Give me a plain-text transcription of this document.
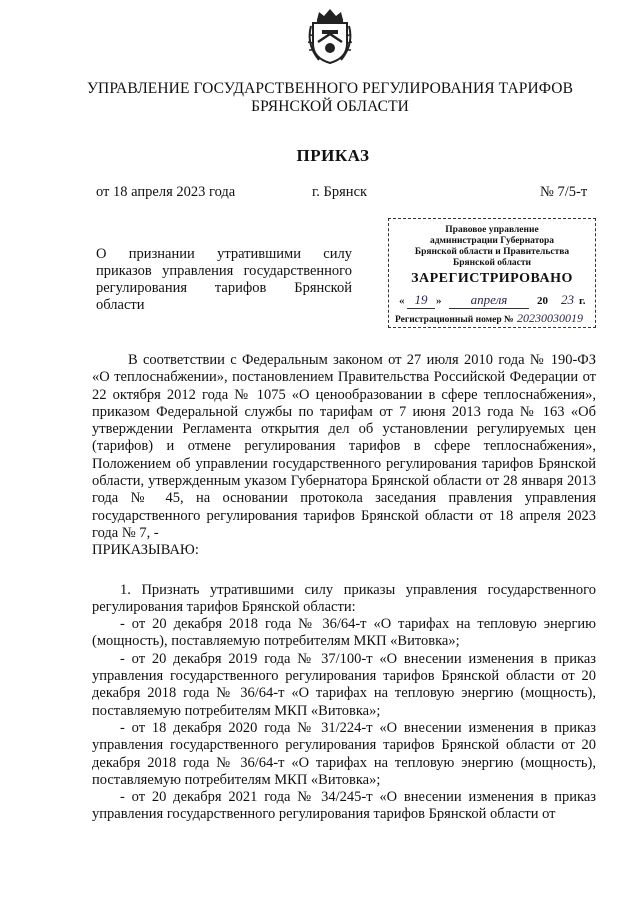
УПРАВЛЕНИЕ ГОСУДАРСТВЕННОГО РЕГУЛИРОВАНИЯ ТАРИФОВ
БРЯНСКОЙ ОБЛАСТИ
ПРИКАЗ
от 18 апреля 2023 года	г. Брянск	№ 7/5-т
Правовое управление
администрации Губернатора
Брянской области и Правительства
Брянской области
ЗАРЕГИСТРИРОВАНО
« 19 »	апреля	20 23 г.
Регистрационный номер № 20230030019
О признании утратившими силу приказов управления государственного регулирования тарифов Брянской области

В соответствии с Федеральным законом от 27 июля 2010 года № 190-ФЗ «О теплоснабжении», постановлением Правительства Российской Федерации от 22 октября 2012 года № 1075 «О ценообразовании в сфере теплоснабжения», приказом Федеральной службы по тарифам от 7 июня 2013 года № 163 «Об утверждении Регламента открытия дел об установлении регулируемых цен (тарифов) и отмене регулирования тарифов в сфере теплоснабжения», Положением об управлении государственного регулирования тарифов Брянской области, утвержденным указом Губернатора Брянской области от 28 января 2013 года № 45, на основании протокола заседания правления управления государственного регулирования тарифов Брянской области от 18 апреля 2023 года № 7, -

ПРИКАЗЫВАЮ:

1. Признать утратившими силу приказы управления государственного регулирования тарифов Брянской области:

- от 20 декабря 2018 года № 36/64-т «О тарифах на тепловую энергию (мощность), поставляемую потребителям МКП «Витовка»;

- от 20 декабря 2019 года № 37/100-т «О внесении изменения в приказ управления государственного регулирования тарифов Брянской области от 20 декабря 2018 года № 36/64-т «О тарифах на тепловую энергию (мощность), поставляемую потребителям МКП «Витовка»;

- от 18 декабря 2020 года № 31/224-т «О внесении изменения в приказ управления государственного регулирования тарифов Брянской области от 20 декабря 2018 года № 36/64-т «О тарифах на тепловую энергию (мощность), поставляемую потребителям МКП «Витовка»;

- от 20 декабря 2021 года № 34/245-т «О внесении изменения в приказ управления государственного регулирования тарифов Брянской области от
